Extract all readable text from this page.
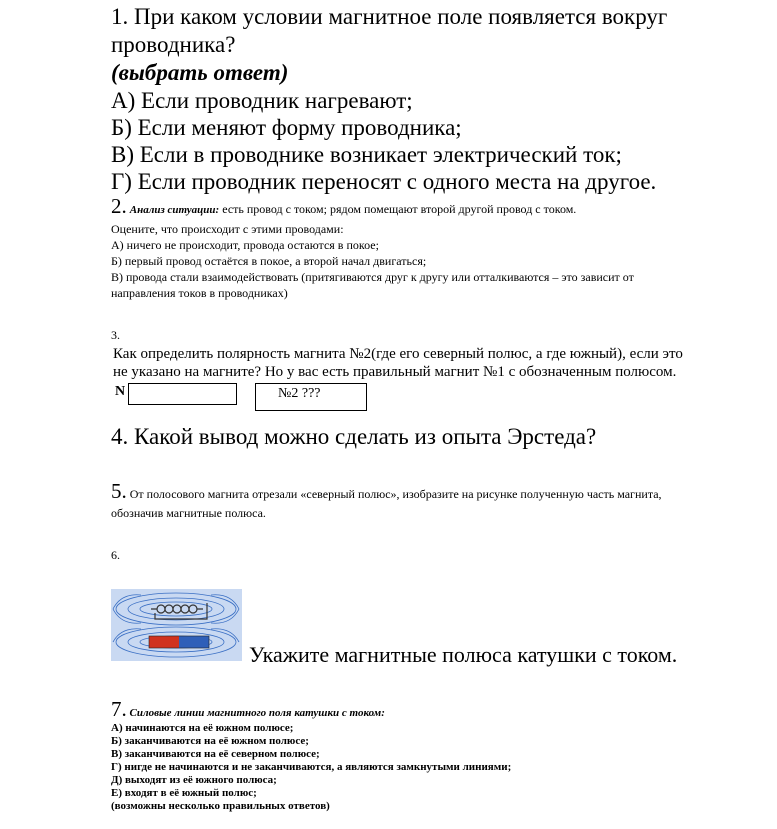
1. При каком условии магнитное поле появляется вокруг
проводника?
(выбрать ответ)
А) Если проводник нагревают;
Б) Если меняют форму проводника;
В) Если в проводнике возникает электрический ток;
Г) Если проводник переносят с одного места на другое.
2. Анализ ситуации: есть провод с током; рядом помещают второй другой провод с током.
Оцените, что происходит с этими проводами:
А) ничего не происходит, провода остаются в покое;
Б) первый провод остаётся в покое, а второй начал двигаться;
В) провода стали взаимодействовать (притягиваются друг к другу или отталкиваются – это зависит от
направления токов в проводниках)
3.
Как определить полярность магнита №2(где его северный полюс, а где южный), если это
не указано на магните? Но у вас есть правильный магнит №1 с обозначенным полюсом.
N	№2 ???
4. Какой вывод можно сделать из опыта Эрстеда?
5. От полосового магнита отрезали «северный полюс», изобразите на рисунке полученную часть магнита,
обозначив магнитные полюса.
6.
Укажите магнитные полюса катушки с током.
7. Силовые линии магнитного поля катушки с током:
А) начинаются на её южном полюсе;
Б) заканчиваются на её южном полюсе;
В) заканчиваются на её северном полюсе;
Г) нигде не начинаются и не заканчиваются, а являются замкнутыми линиями;
Д) выходят из её южного полюса;
Е) входят в её южный полюс;
(возможны несколько правильных ответов)
